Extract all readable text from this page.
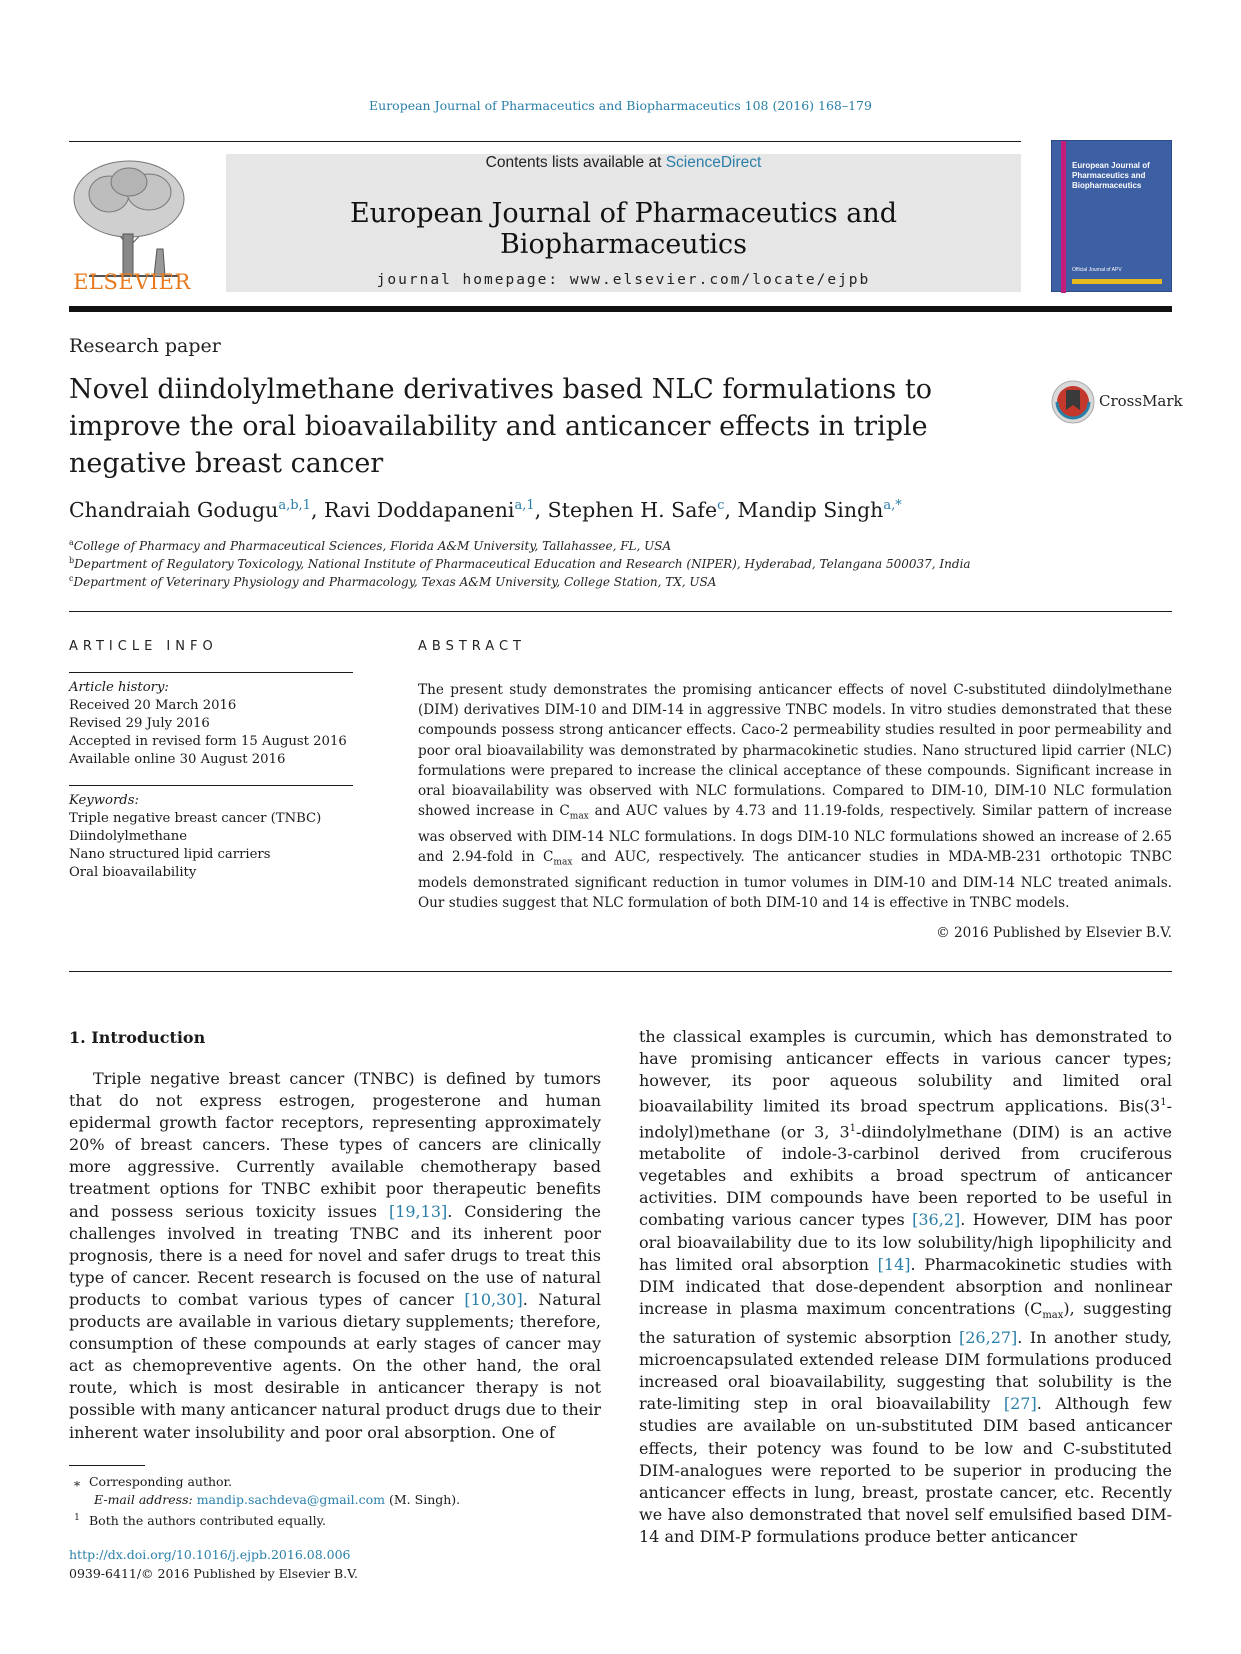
European Journal of Pharmaceutics and Biopharmaceutics 108 (2016) 168–179
ELSEVIER
Contents lists available at ScienceDirect
European Journal of Pharmaceutics and Biopharmaceutics
journal homepage: www.elsevier.com/locate/ejpb
European Journal of Pharmaceutics and Biopharmaceutics
Official Journal of APV
Research paper
Novel diindolylmethane derivatives based NLC formulations to
improve the oral bioavailability and anticancer effects in triple
negative breast cancer
CrossMark
Chandraiah Godugu$^{a,b,1}$, Ravi Doddapaneni$^{a,1}$, Stephen H. Safe$^c$, Mandip Singh$^{a,*}$
$^a$College of Pharmacy and Pharmaceutical Sciences, Florida A&M University, Tallahassee, FL, USA
$^b$Department of Regulatory Toxicology, National Institute of Pharmaceutical Education and Research (NIPER), Hyderabad, Telangana 500037, India
$^c$Department of Veterinary Physiology and Pharmacology, Texas A&M University, College Station, TX, USA
ARTICLE INFO
Article history:
Received 20 March 2016
Revised 29 July 2016
Accepted in revised form 15 August 2016
Available online 30 August 2016
Keywords:
Triple negative breast cancer (TNBC)
Diindolylmethane
Nano structured lipid carriers
Oral bioavailability
ABSTRACT
The present study demonstrates the promising anticancer effects of novel C-substituted diindolylmethane (DIM) derivatives DIM-10 and DIM-14 in aggressive TNBC models. In vitro studies demonstrated that these compounds possess strong anticancer effects. Caco-2 permeability studies resulted in poor permeability and poor oral bioavailability was demonstrated by pharmacokinetic studies. Nano structured lipid carrier (NLC) formulations were prepared to increase the clinical acceptance of these compounds. Significant increase in oral bioavailability was observed with NLC formulations. Compared to DIM-10, DIM-10 NLC formulation showed increase in $C_{max}$ and AUC values by 4.73 and 11.19-folds, respectively. Similar pattern of increase was observed with DIM-14 NLC formulations. In dogs DIM-10 NLC formulations showed an increase of 2.65 and 2.94-fold in $C_{max}$ and AUC, respectively. The anticancer studies in MDA-MB-231 orthotopic TNBC models demonstrated significant reduction in tumor volumes in DIM-10 and DIM-14 NLC treated animals. Our studies suggest that NLC formulation of both DIM-10 and 14 is effective in TNBC models.
© 2016 Published by Elsevier B.V.
1. Introduction

Triple negative breast cancer (TNBC) is defined by tumors that do not express estrogen, progesterone and human epidermal growth factor receptors, representing approximately 20% of breast cancers. These types of cancers are clinically more aggressive. Currently available chemotherapy based treatment options for TNBC exhibit poor therapeutic benefits and possess serious toxicity issues [19,13]. Considering the challenges involved in treating TNBC and its inherent poor prognosis, there is a need for novel and safer drugs to treat this type of cancer. Recent research is focused on the use of natural products to combat various types of cancer [10,30]. Natural products are available in various dietary supplements; therefore, consumption of these compounds at early stages of cancer may act as chemopreventive agents. On the other hand, the oral route, which is most desirable in anticancer therapy is not possible with many anticancer natural product drugs due to their inherent water insolubility and poor oral absorption. One of

the classical examples is curcumin, which has demonstrated to have promising anticancer effects in various cancer types; however, its poor aqueous solubility and limited oral bioavailability limited its broad spectrum applications. $Bis(3^1-indolyl)methane$ (or 3, $3^1$-diindolylmethane (DIM) is an active metabolite of indole-3-carbinol derived from cruciferous vegetables and exhibits a broad spectrum of anticancer activities. DIM compounds have been reported to be useful in combating various cancer types [36,2]. However, DIM has poor oral bioavailability due to its low solubility/high lipophilicity and has limited oral absorption [14]. Pharmacokinetic studies with DIM indicated that dose-dependent absorption and nonlinear increase in plasma maximum concentrations $(C_{max})$, suggesting the saturation of systemic absorption [26,27]. In another study, microencapsulated extended release DIM formulations produced increased oral bioavailability, suggesting that solubility is the rate-limiting step in oral bioavailability [27]. Although few studies are available on un-substituted DIM based anticancer effects, their potency was found to be low and C-substituted DIM-analogues were reported to be superior in producing the anticancer effects in lung, breast, prostate cancer, etc. Recently we have also demonstrated that novel self emulsified based DIM-14 and DIM-P formulations produce better anticancer
⁎ Corresponding author.
E-mail address: mandip.sachdeva@gmail.com (M. Singh).
$^1$ Both the authors contributed equally.
http://dx.doi.org/10.1016/j.ejpb.2016.08.006
0939-6411/© 2016 Published by Elsevier B.V.
